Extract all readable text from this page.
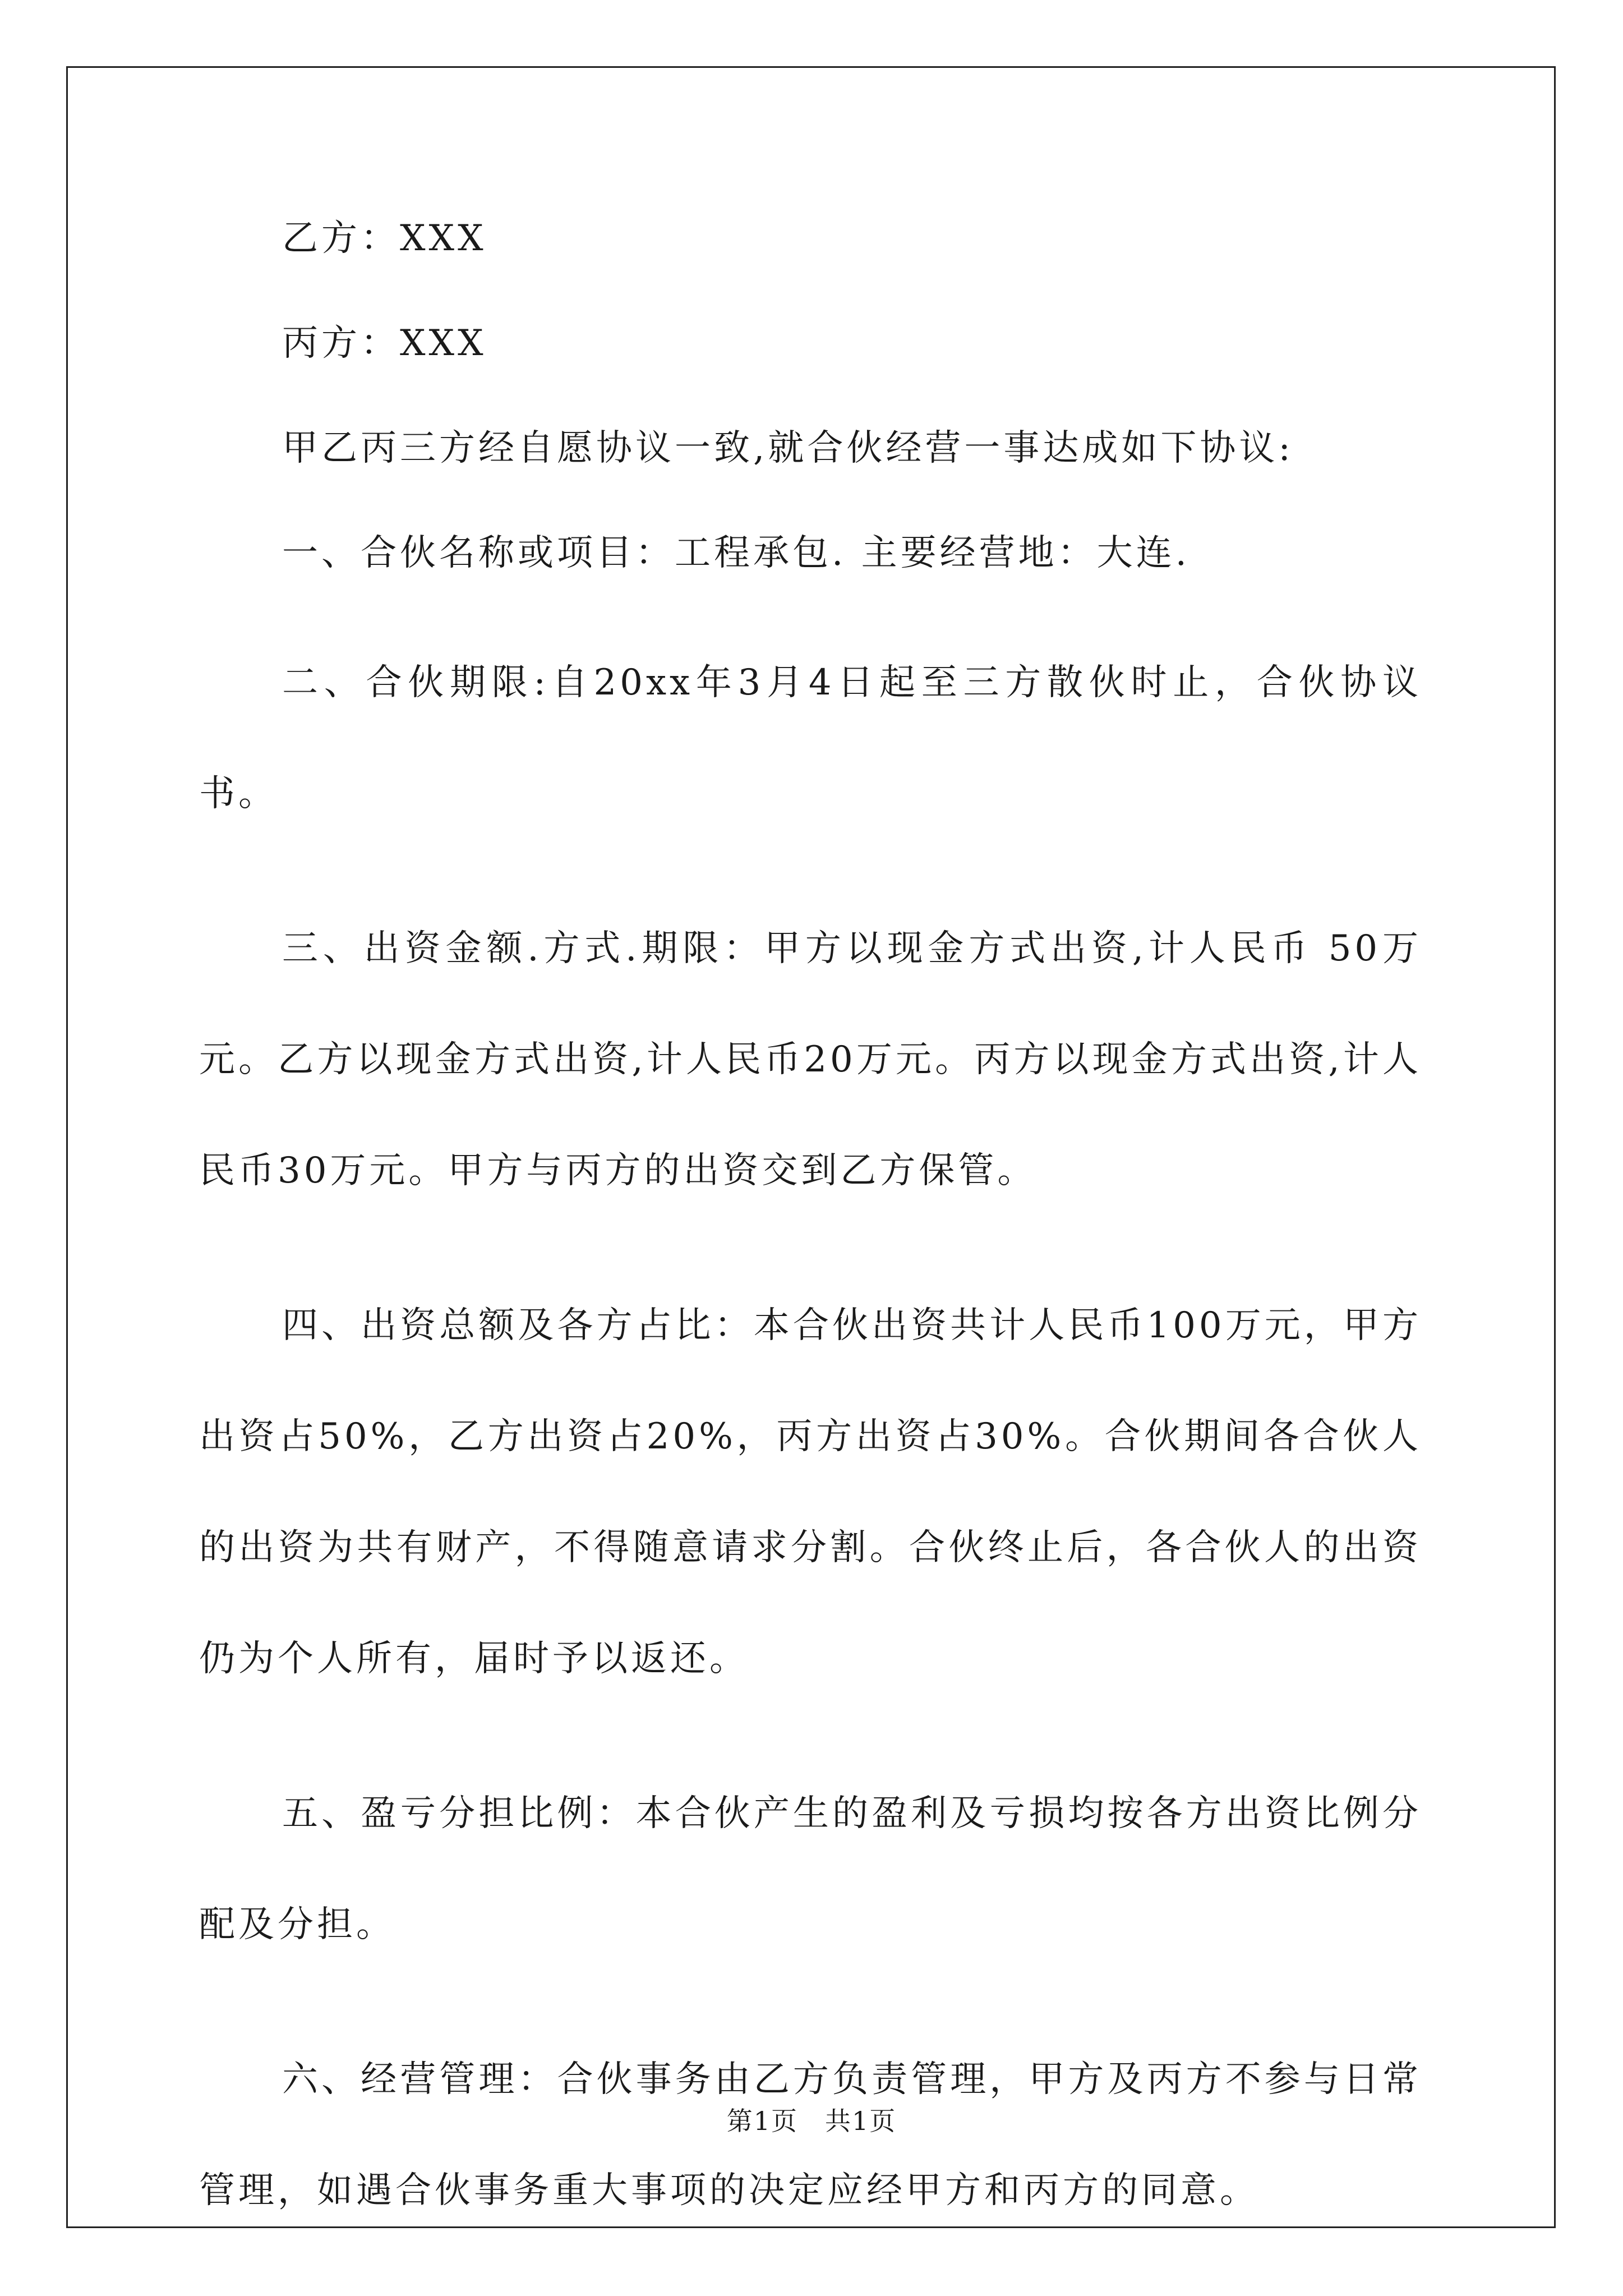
乙方：XXX

丙方：XXX

甲乙丙三方经自愿协议一致,就合伙经营一事达成如下协议:

一、合伙名称或项目：工程承包. 主要经营地：大连.

二、合伙期限:自20xx年3月4日起至三方散伙时止，合伙协议书。

三、出资金额.方式.期限：甲方以现金方式出资,计人民币 50万元。乙方以现金方式出资,计人民币20万元。丙方以现金方式出资,计人民币30万元。甲方与丙方的出资交到乙方保管。

四、出资总额及各方占比：本合伙出资共计人民币100万元，甲方出资占50%，乙方出资占20%，丙方出资占30%。合伙期间各合伙人的出资为共有财产，不得随意请求分割。合伙终止后，各合伙人的出资仍为个人所有，届时予以返还。

五、盈亏分担比例：本合伙产生的盈利及亏损均按各方出资比例分配及分担。

六、经营管理：合伙事务由乙方负责管理，甲方及丙方不参与日常管理，如遇合伙事务重大事项的决定应经甲方和丙方的同意。

第1页 共1页
